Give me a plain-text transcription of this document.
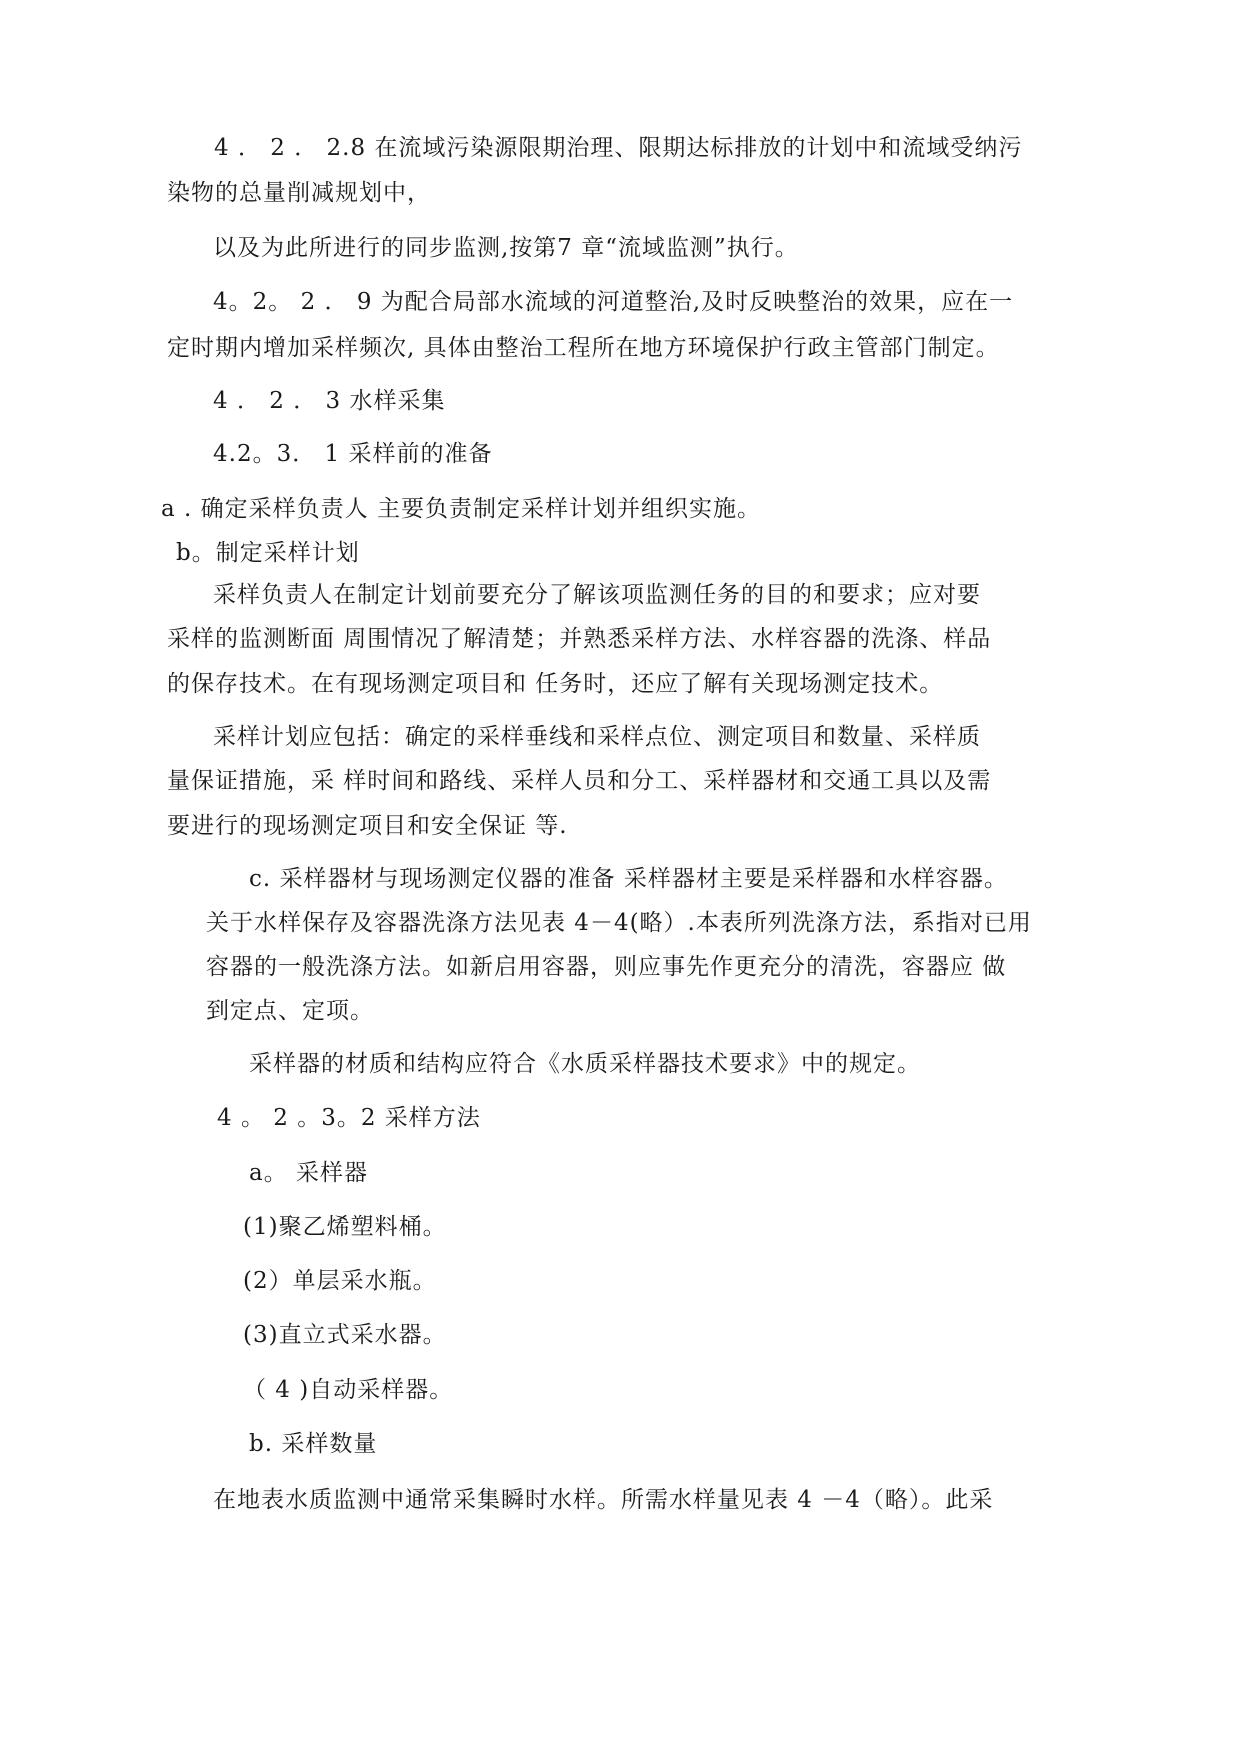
4 ． 2 ． 2.8 在流域污染源限期治理、限期达标排放的计划中和流域受纳污
染物的总量削减规划中，
以及为此所进行的同步监测,按第7 章“流域监测”执行。
4。2。 2 ． 9 为配合局部水流域的河道整治,及时反映整治的效果，应在一
定时期内增加采样频次, 具体由整治工程所在地方环境保护行政主管部门制定。
4 ． 2 ． 3 水样采集
4.2。3． 1 采样前的准备
a . 确定采样负责人 主要负责制定采样计划并组织实施。
b。制定采样计划
采样负责人在制定计划前要充分了解该项监测任务的目的和要求；应对要
采样的监测断面 周围情况了解清楚；并熟悉采样方法、水样容器的洗涤、样品
的保存技术。在有现场测定项目和 任务时，还应了解有关现场测定技术。
采样计划应包括：确定的采样垂线和采样点位、测定项目和数量、采样质
量保证措施，采 样时间和路线、采样人员和分工、采样器材和交通工具以及需
要进行的现场测定项目和安全保证 等.
c. 采样器材与现场测定仪器的准备 采样器材主要是采样器和水样容器。
关于水样保存及容器洗涤方法见表 4－4(略）.本表所列洗涤方法，系指对已用
容器的一般洗涤方法。如新启用容器，则应事先作更充分的清洗，容器应 做
到定点、定项。
采样器的材质和结构应符合《水质采样器技术要求》中的规定。
4 。 2 。3。2 采样方法
a。 采样器
(1)聚乙烯塑料桶。
(2）单层采水瓶。
(3)直立式采水器。
（ 4 )自动采样器。
b. 采样数量
在地表水质监测中通常采集瞬时水样。所需水样量见表 4 －4（略）。此采
